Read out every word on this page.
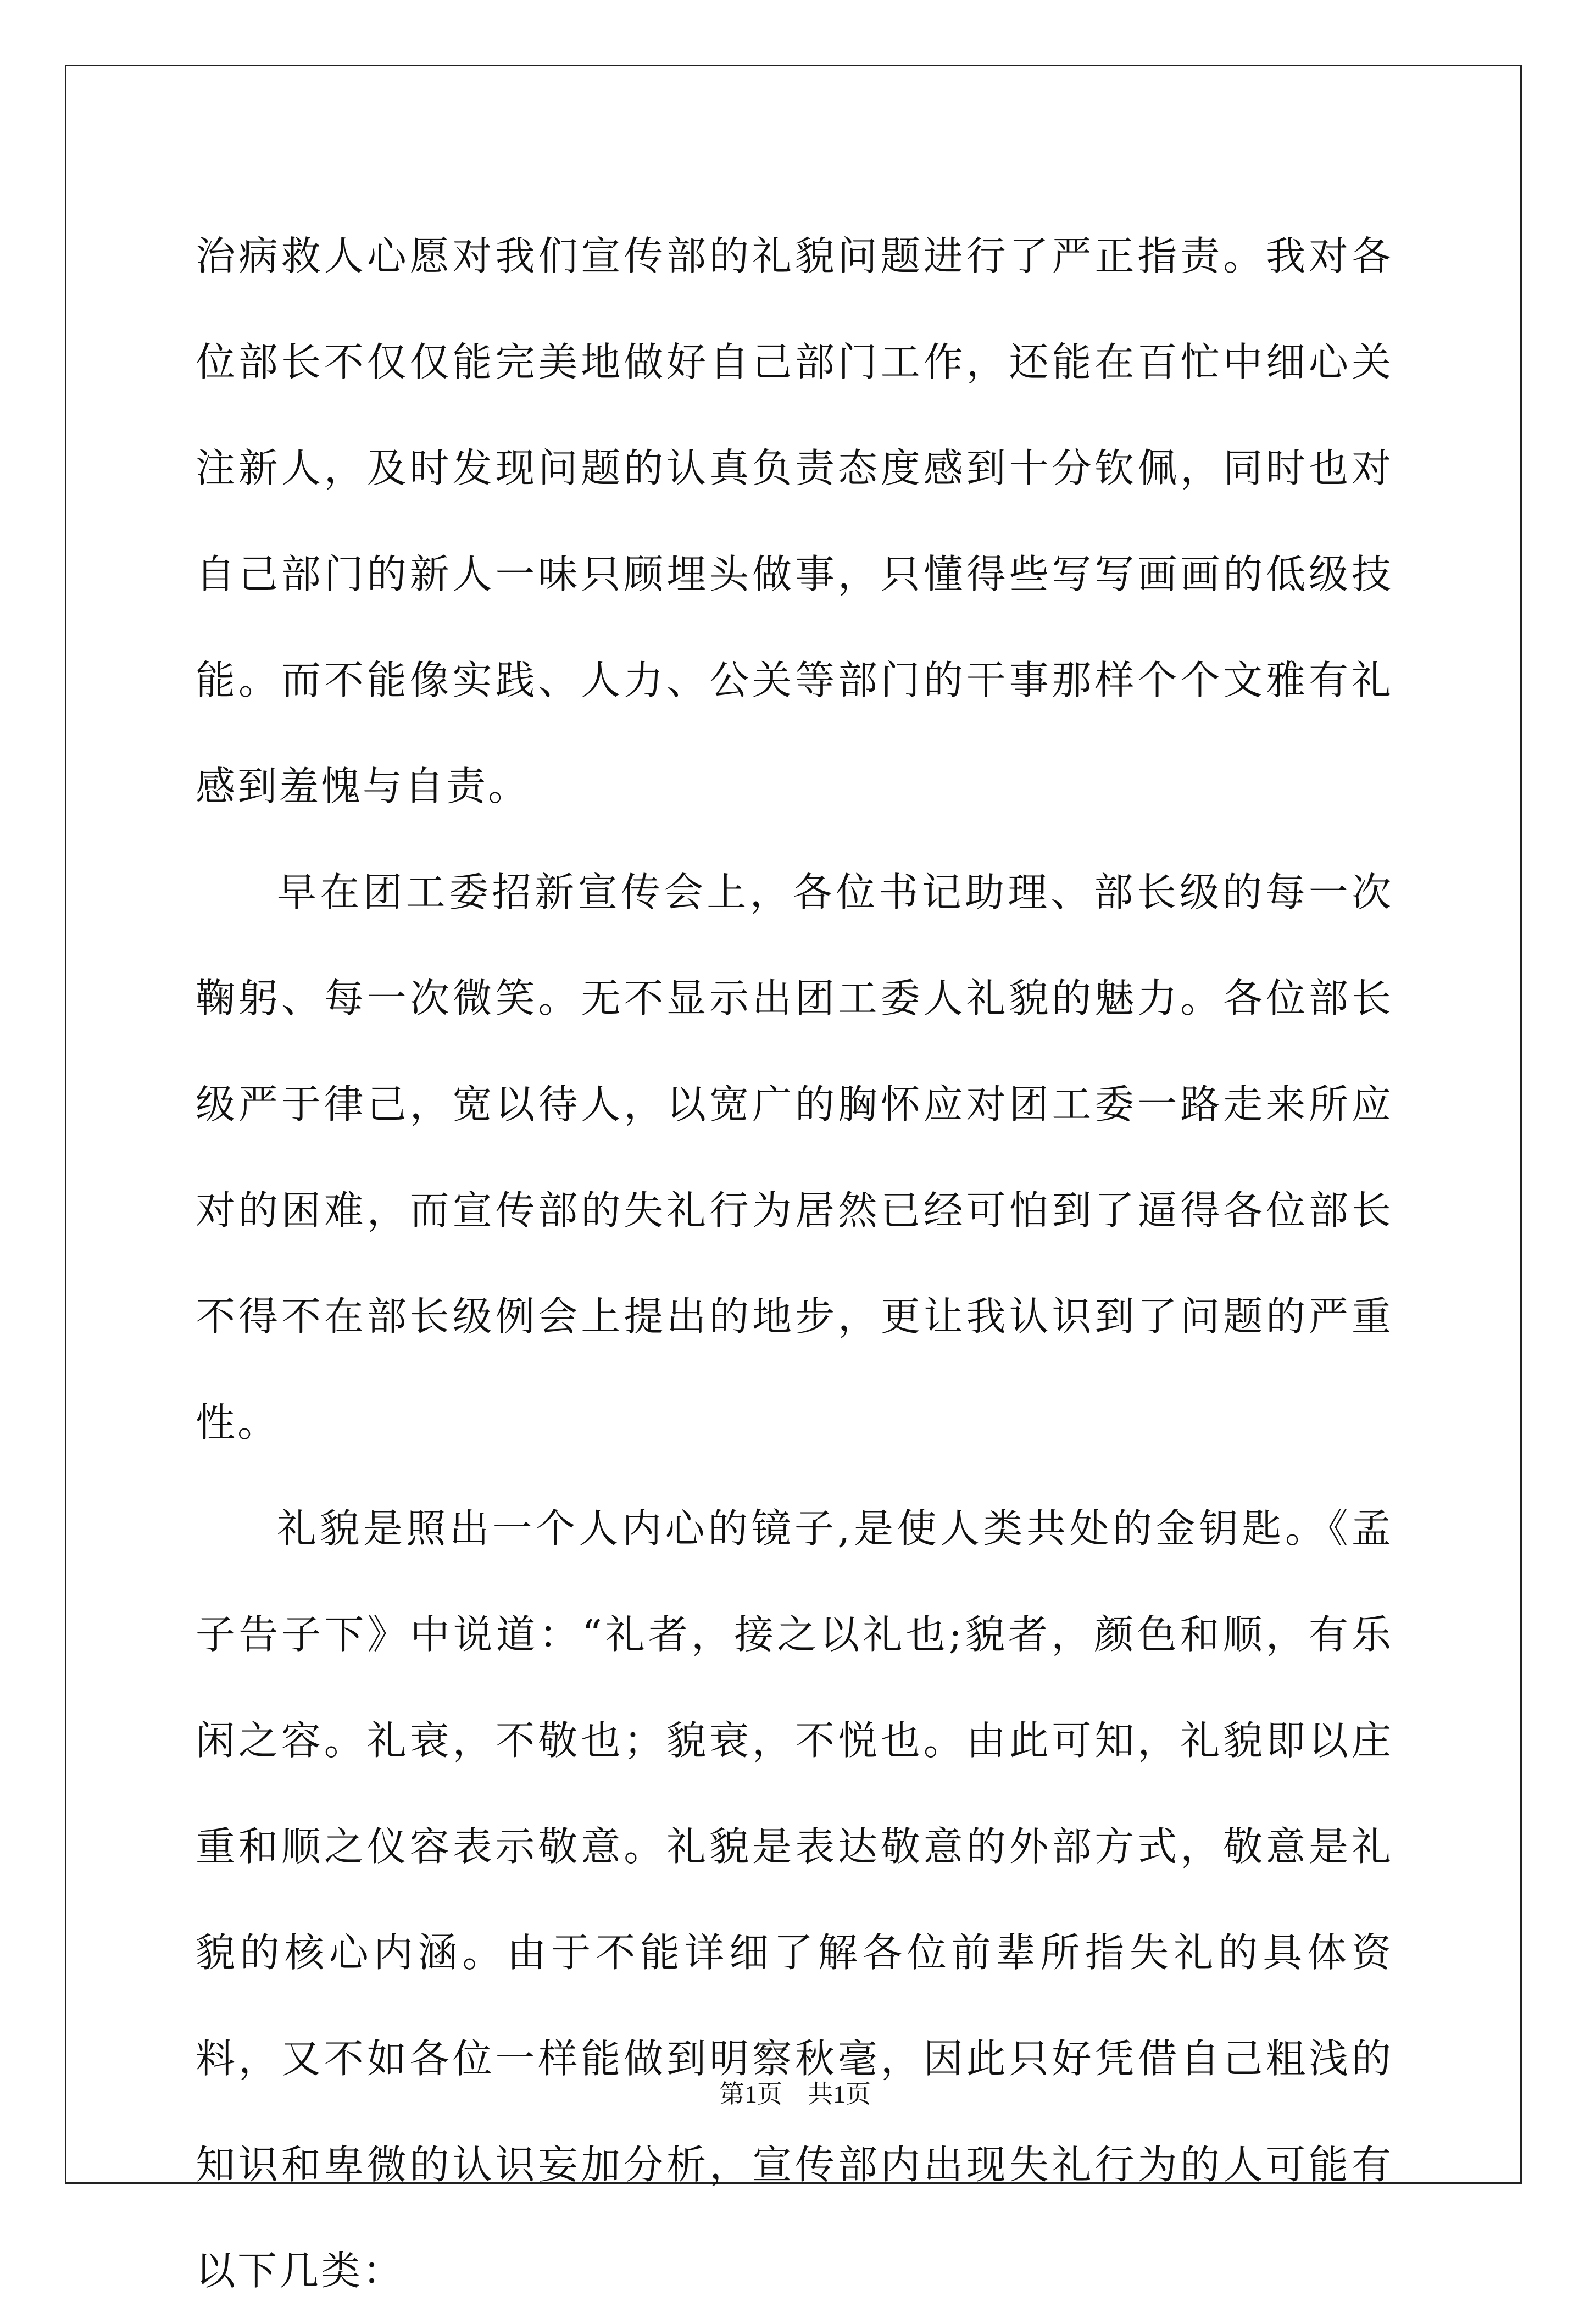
治病救人心愿对我们宣传部的礼貌问题进行了严正指责。我对各位部长不仅仅能完美地做好自己部门工作，还能在百忙中细心关注新人，及时发现问题的认真负责态度感到十分钦佩，同时也对自己部门的新人一味只顾埋头做事，只懂得些写写画画的低级技能。而不能像实践、人力、公关等部门的干事那样个个文雅有礼感到羞愧与自责。

早在团工委招新宣传会上，各位书记助理、部长级的每一次鞠躬、每一次微笑。无不显示出团工委人礼貌的魅力。各位部长级严于律己，宽以待人，以宽广的胸怀应对团工委一路走来所应对的困难，而宣传部的失礼行为居然已经可怕到了逼得各位部长不得不在部长级例会上提出的地步，更让我认识到了问题的严重性。

礼貌是照出一个人内心的镜子,是使人类共处的金钥匙。《孟子告子下》中说道：“礼者，接之以礼也;貌者，颜色和顺，有乐闲之容。礼衰，不敬也；貌衰，不悦也。由此可知，礼貌即以庄重和顺之仪容表示敬意。礼貌是表达敬意的外部方式，敬意是礼貌的核心内涵。由于不能详细了解各位前辈所指失礼的具体资料，又不如各位一样能做到明察秋毫，因此只好凭借自己粗浅的知识和卑微的认识妄加分析，宣传部内出现失礼行为的人可能有以下几类：

第1页 共1页
